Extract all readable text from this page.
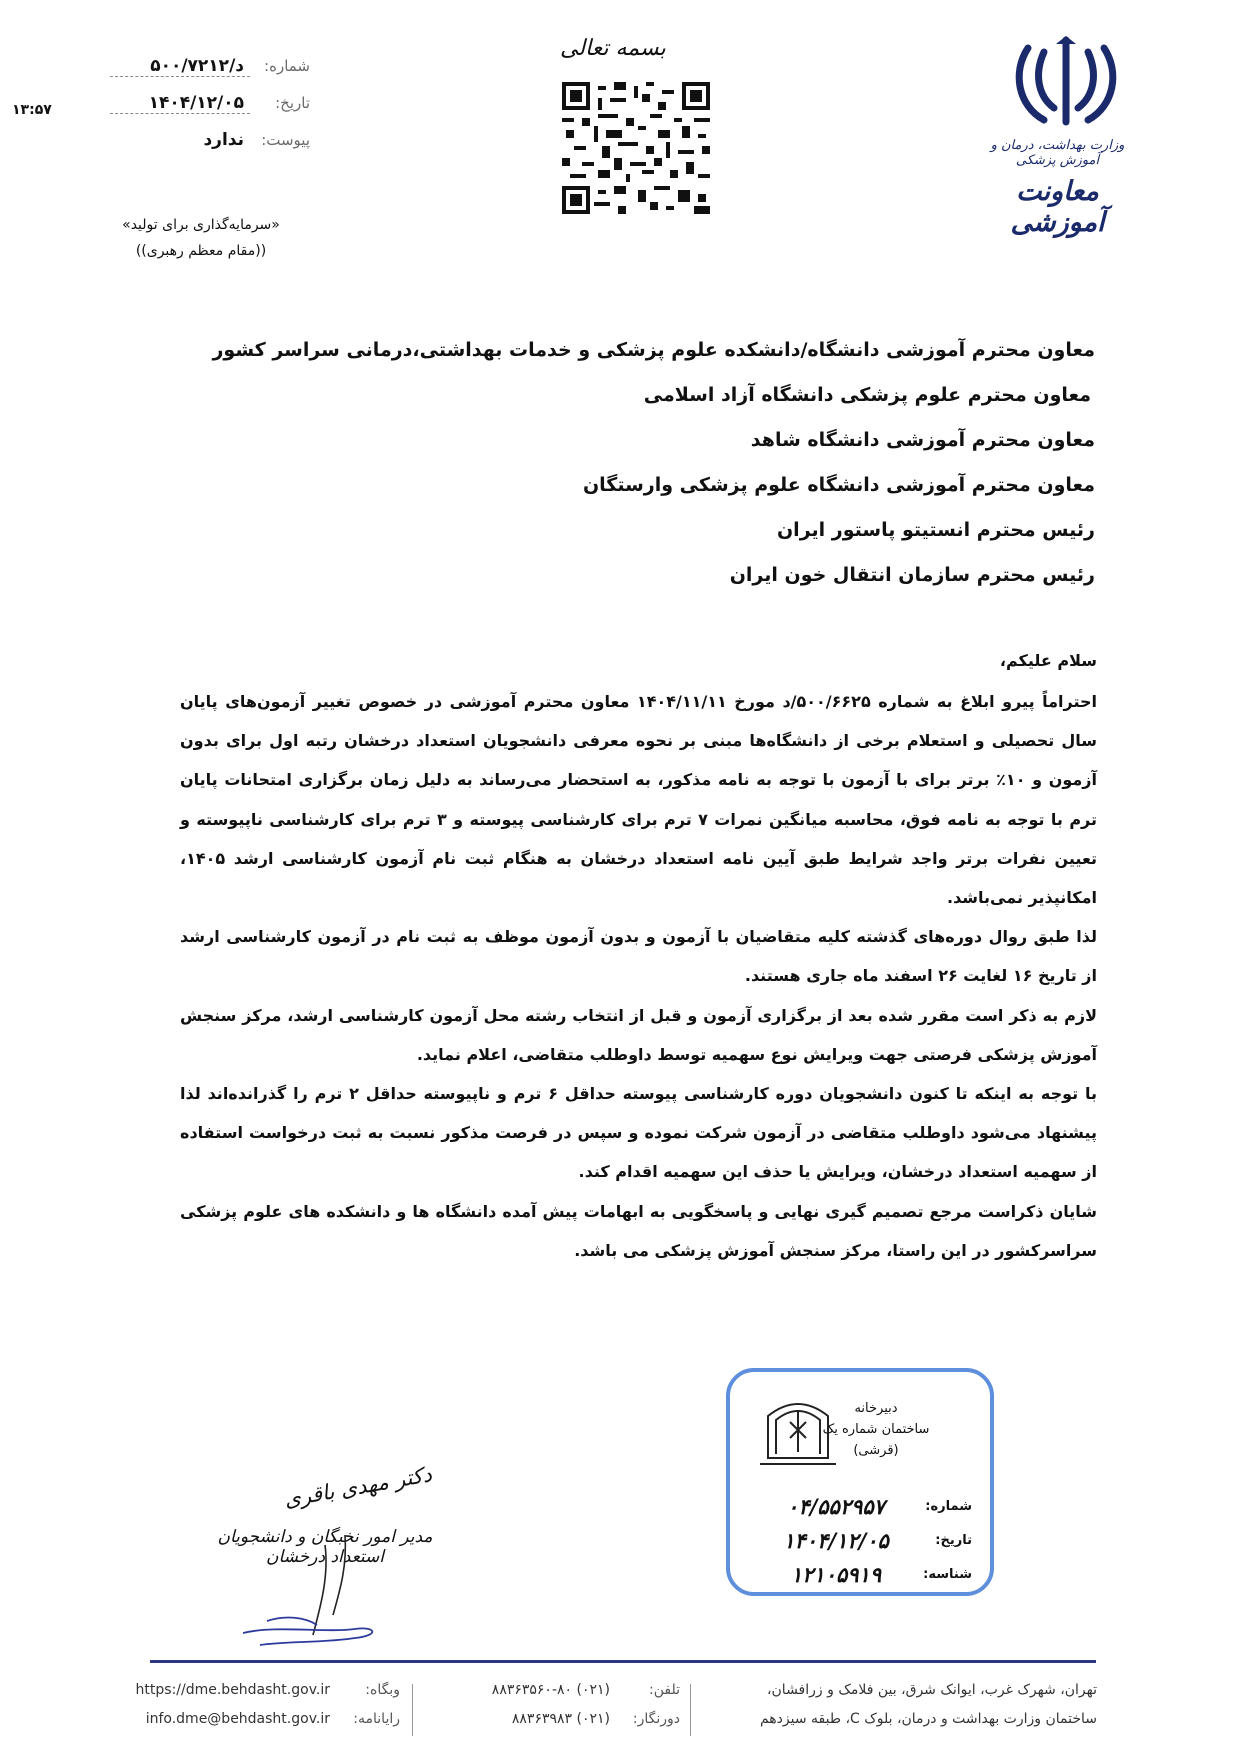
شماره:
د/۵۰۰/۷۲۱۲
تاریخ:
۱۴۰۴/۱۲/۰۵
پیوست:
ندارد
۱۳:۵۷
«سرمایه‌گذاری برای تولید»
((مقام معظم رهبری))
بسمه تعالی
وزارت بهداشت، درمان و آموزش پزشکی
معاونت آموزشی
معاون محترم آموزشی دانشگاه/دانشکده علوم پزشکی و خدمات بهداشتی،درمانی سراسر کشور
معاون محترم علوم پزشکی دانشگاه آزاد اسلامی
معاون محترم آموزشی دانشگاه شاهد
معاون محترم آموزشی دانشگاه علوم پزشکی وارستگان
رئیس محترم انستیتو پاستور ایران
رئیس محترم سازمان انتقال خون ایران
سلام علیکم،

احتراماً پیرو ابلاغ به شماره ۵۰۰/۶۶۲۵/د مورخ ۱۴۰۴/۱۱/۱۱ معاون محترم آموزشی در خصوص تغییر آزمون‌های پایان سال تحصیلی و استعلام برخی از دانشگاه‌ها مبنی بر نحوه معرفی دانشجویان استعداد درخشان رتبه اول برای بدون آزمون و ۱۰٪ برتر برای با آزمون با توجه به نامه مذکور، به استحضار می‌رساند به دلیل زمان برگزاری امتحانات پایان ترم با توجه به نامه فوق، محاسبه میانگین نمرات ۷ ترم برای کارشناسی پیوسته و ۳ ترم برای کارشناسی ناپیوسته و تعیین نفرات برتر واجد شرایط طبق آیین نامه استعداد درخشان به هنگام ثبت نام آزمون کارشناسی ارشد ۱۴۰۵، امکانپذیر نمی‌باشد.

لذا طبق روال دوره‌های گذشته کلیه متقاضیان با آزمون و بدون آزمون موظف به ثبت نام در آزمون کارشناسی ارشد از تاریخ ۱۶ لغایت ۲۶ اسفند ماه جاری هستند.

لازم به ذکر است مقرر شده بعد از برگزاری آزمون و قبل از انتخاب رشته محل آزمون کارشناسی ارشد، مرکز سنجش آموزش پزشکی فرصتی جهت ویرایش نوع سهمیه توسط داوطلب متقاضی، اعلام نماید.

با توجه به اینکه تا کنون دانشجویان دوره کارشناسی پیوسته حداقل ۶ ترم و ناپیوسته حداقل ۲ ترم را گذرانده‌اند لذا پیشنهاد می‌شود داوطلب متقاضی در آزمون شرکت نموده و سپس در فرصت مذکور نسبت به ثبت درخواست استفاده از سهمیه استعداد درخشان، ویرایش یا حذف این سهمیه اقدام کند.

شایان ذکراست مرجع تصمیم گیری نهایی و پاسخگویی به ابهامات پیش آمده دانشگاه ها و دانشکده های علوم پزشکی سراسرکشور در این راستا، مرکز سنجش آموزش پزشکی می باشد.

دکتر مهدی باقری
مدیر امور نخبگان و دانشجویان استعداد درخشان
دبیرخانه
ساختمان شماره یک
(قرشی)
شماره:
۰۴/۵۵۲۹۵۷
تاریخ:
۱۴۰۴/۱۲/۰۵
شناسه:
۱۲۱۰۵۹۱۹
تهران، شهرک غرب، ایوانک شرق، بین فلامک و زرافشان،
ساختمان وزارت بهداشت و درمان، بلوک C، طبقه سیزدهم
تلفن:
(۰۲۱) ۸۸۳۶۳۵۶۰-۸۰
دورنگار:
(۰۲۱) ۸۸۳۶۳۹۸۳
وبگاه:
https://dme.behdasht.gov.ir
رایانامه:
info.dme@behdasht.gov.ir
